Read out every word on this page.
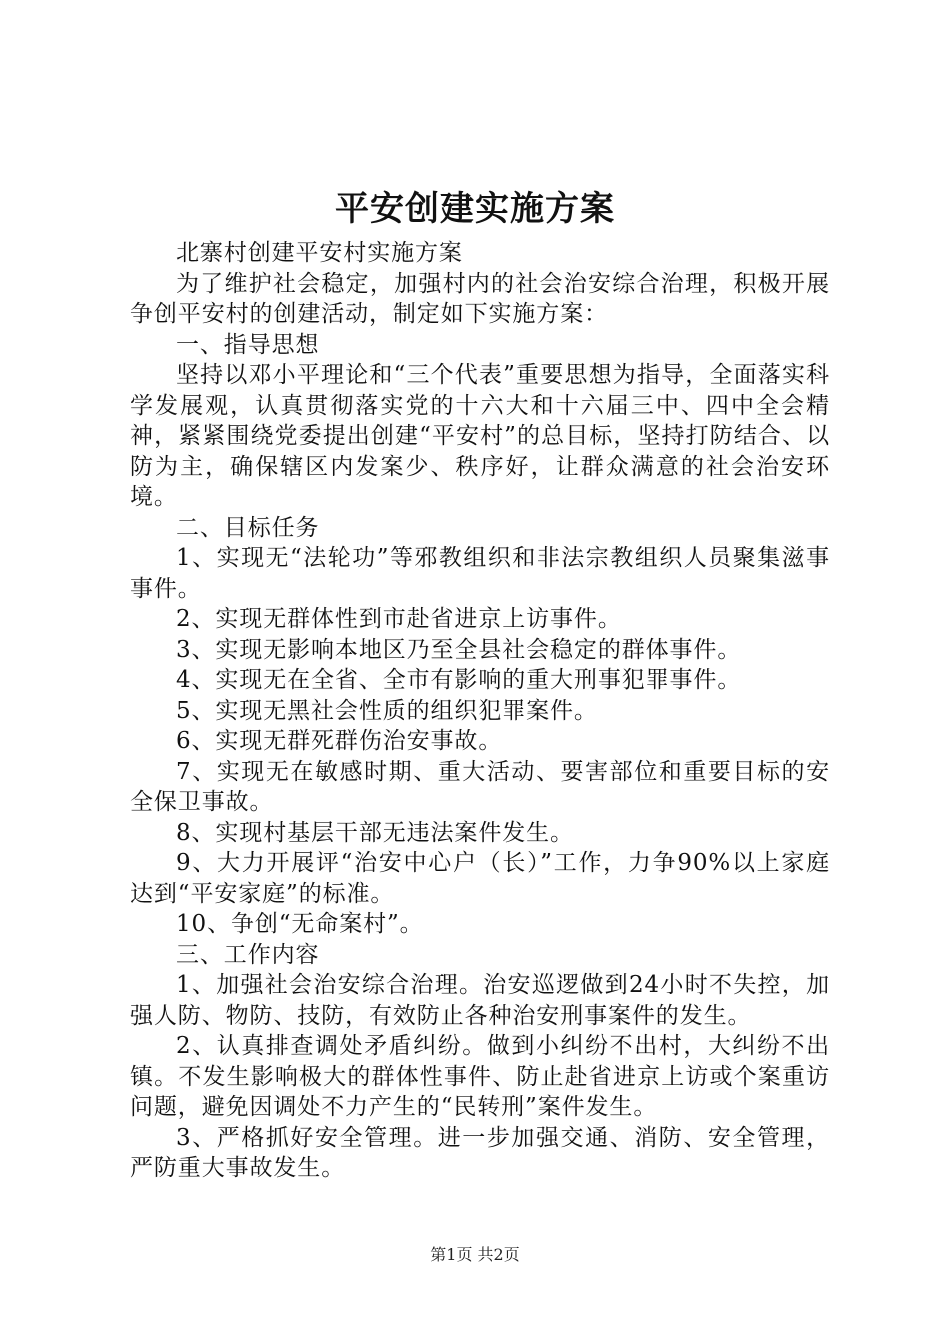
平安创建实施方案

北寨村创建平安村实施方案

为了维护社会稳定，加强村内的社会治安综合治理，积极开展争创平安村的创建活动，制定如下实施方案：

一、指导思想

坚持以邓小平理论和“三个代表”重要思想为指导，全面落实科学发展观，认真贯彻落实党的十六大和十六届三中、四中全会精神，紧紧围绕党委提出创建“平安村”的总目标，坚持打防结合、以防为主，确保辖区内发案少、秩序好，让群众满意的社会治安环境。

二、目标任务

1、实现无“法轮功”等邪教组织和非法宗教组织人员聚集滋事事件。

2、实现无群体性到市赴省进京上访事件。

3、实现无影响本地区乃至全县社会稳定的群体事件。

4、实现无在全省、全市有影响的重大刑事犯罪事件。

5、实现无黑社会性质的组织犯罪案件。

6、实现无群死群伤治安事故。

7、实现无在敏感时期、重大活动、要害部位和重要目标的安全保卫事故。

8、实现村基层干部无违法案件发生。

9、大力开展评“治安中心户（长）”工作，力争90%以上家庭达到“平安家庭”的标准。

10、争创“无命案村”。

三、工作内容

1、加强社会治安综合治理。治安巡逻做到24小时不失控，加强人防、物防、技防，有效防止各种治安刑事案件的发生。

2、认真排查调处矛盾纠纷。做到小纠纷不出村，大纠纷不出镇。不发生影响极大的群体性事件、防止赴省进京上访或个案重访问题，避免因调处不力产生的“民转刑”案件发生。

3、严格抓好安全管理。进一步加强交通、消防、安全管理，严防重大事故发生。

第1页 共2页
